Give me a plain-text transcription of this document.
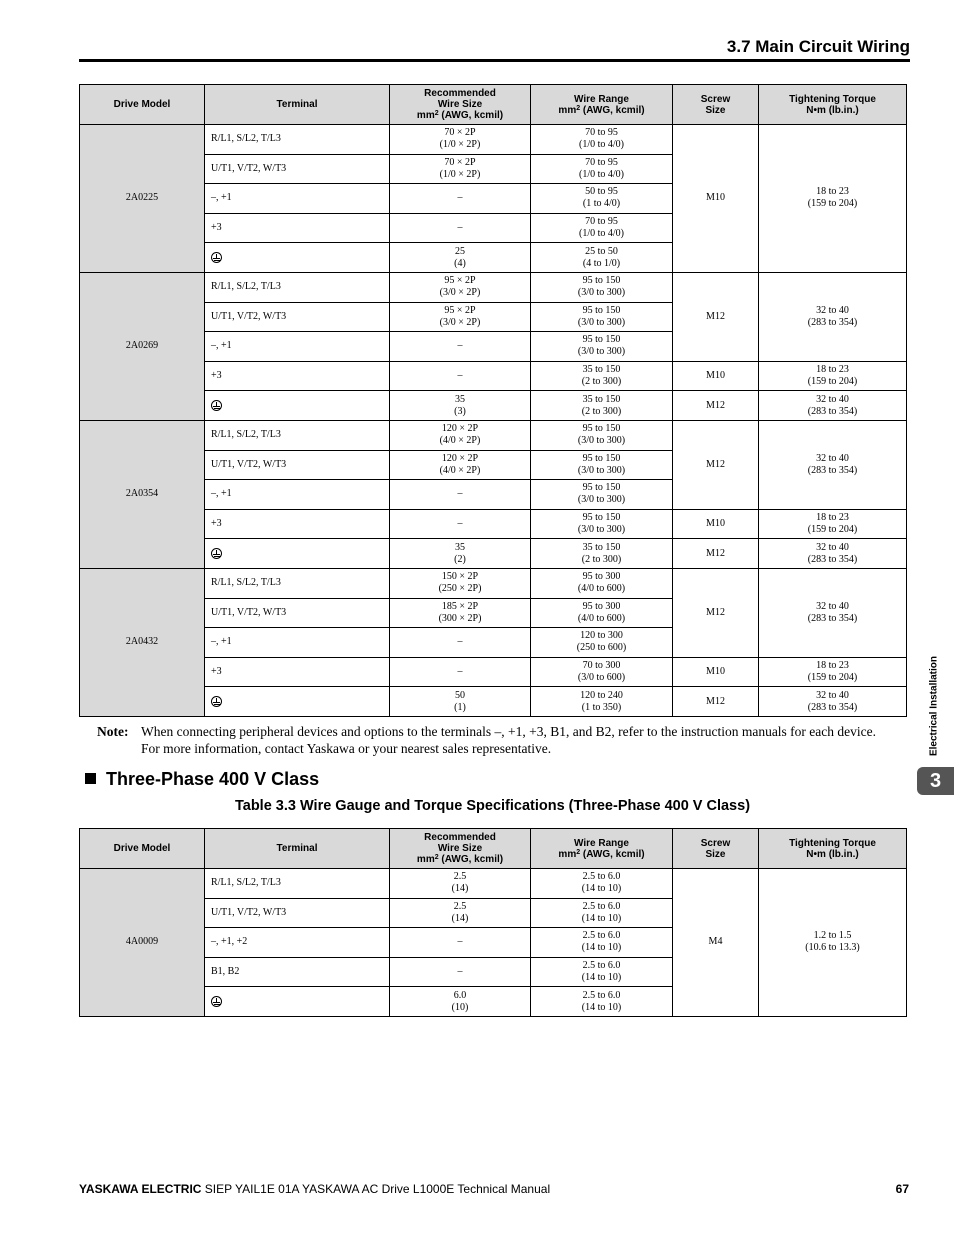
3.7 Main Circuit Wiring
Drive Model	Terminal	Recommended
Wire Size
$mm^2$ (AWG, kcmil)	Wire Range
$mm^2$ (AWG, kcmil)	Screw
Size	Tightening Torque
N•m (lb.in.)

2A0225	R/L1, S/L2, T/L3	70 × 2P
(1/0 × 2P)	70 to 95
(1/0 to 4/0)	M10	18 to 23
(159 to 204)

	U/T1, V/T2, W/T3	70 × 2P
(1/0 × 2P)	70 to 95
(1/0 to 4/0)		

	–, +1	–	50 to 95
(1 to 4/0)		

	+3	–	70 to 95
(1/0 to 4/0)		

		25
(4)	25 to 50
(4 to 1/0)		

2A0269	R/L1, S/L2, T/L3	95 × 2P
(3/0 × 2P)	95 to 150
(3/0 to 300)	M12	32 to 40
(283 to 354)

	U/T1, V/T2, W/T3	95 × 2P
(3/0 × 2P)	95 to 150
(3/0 to 300)		

	–, +1	–	95 to 150
(3/0 to 300)		

	+3	–	35 to 150
(2 to 300)	M10	18 to 23
(159 to 204)

		35
(3)	35 to 150
(2 to 300)	M12	32 to 40
(283 to 354)

2A0354	R/L1, S/L2, T/L3	120 × 2P
(4/0 × 2P)	95 to 150
(3/0 to 300)	M12	32 to 40
(283 to 354)

	U/T1, V/T2, W/T3	120 × 2P
(4/0 × 2P)	95 to 150
(3/0 to 300)		

	–, +1	–	95 to 150
(3/0 to 300)		

	+3	–	95 to 150
(3/0 to 300)	M10	18 to 23
(159 to 204)

		35
(2)	35 to 150
(2 to 300)	M12	32 to 40
(283 to 354)

2A0432	R/L1, S/L2, T/L3	150 × 2P
(250 × 2P)	95 to 300
(4/0 to 600)	M12	32 to 40
(283 to 354)

	U/T1, V/T2, W/T3	185 × 2P
(300 × 2P)	95 to 300
(4/0 to 600)		

	–, +1	–	120 to 300
(250 to 600)		

	+3	–	70 to 300
(3/0 to 600)	M10	18 to 23
(159 to 204)

		50
(1)	120 to 240
(1 to 350)	M12	32 to 40
(283 to 354)
Note: When connecting peripheral devices and options to the terminals –, +1, +3, B1, and B2, refer to the instruction manuals for each device. For more information, contact Yaskawa or your nearest sales representative.
Three-Phase 400 V Class
Table 3.3 Wire Gauge and Torque Specifications (Three-Phase 400 V Class)
Drive Model	Terminal	Recommended
Wire Size
$mm^2$ (AWG, kcmil)	Wire Range
$mm^2$ (AWG, kcmil)	Screw
Size	Tightening Torque
N•m (lb.in.)

4A0009	R/L1, S/L2, T/L3	2.5
(14)	2.5 to 6.0
(14 to 10)	M4	1.2 to 1.5
(10.6 to 13.3)

	U/T1, V/T2, W/T3	2.5
(14)	2.5 to 6.0
(14 to 10)		

	–, +1, +2	–	2.5 to 6.0
(14 to 10)		

	B1, B2	–	2.5 to 6.0
(14 to 10)		

		6.0
(10)	2.5 to 6.0
(14 to 10)		
Electrical Installation
3
YASKAWA ELECTRIC SIEP YAIL1E 01A YASKAWA AC Drive L1000E Technical Manual	67
